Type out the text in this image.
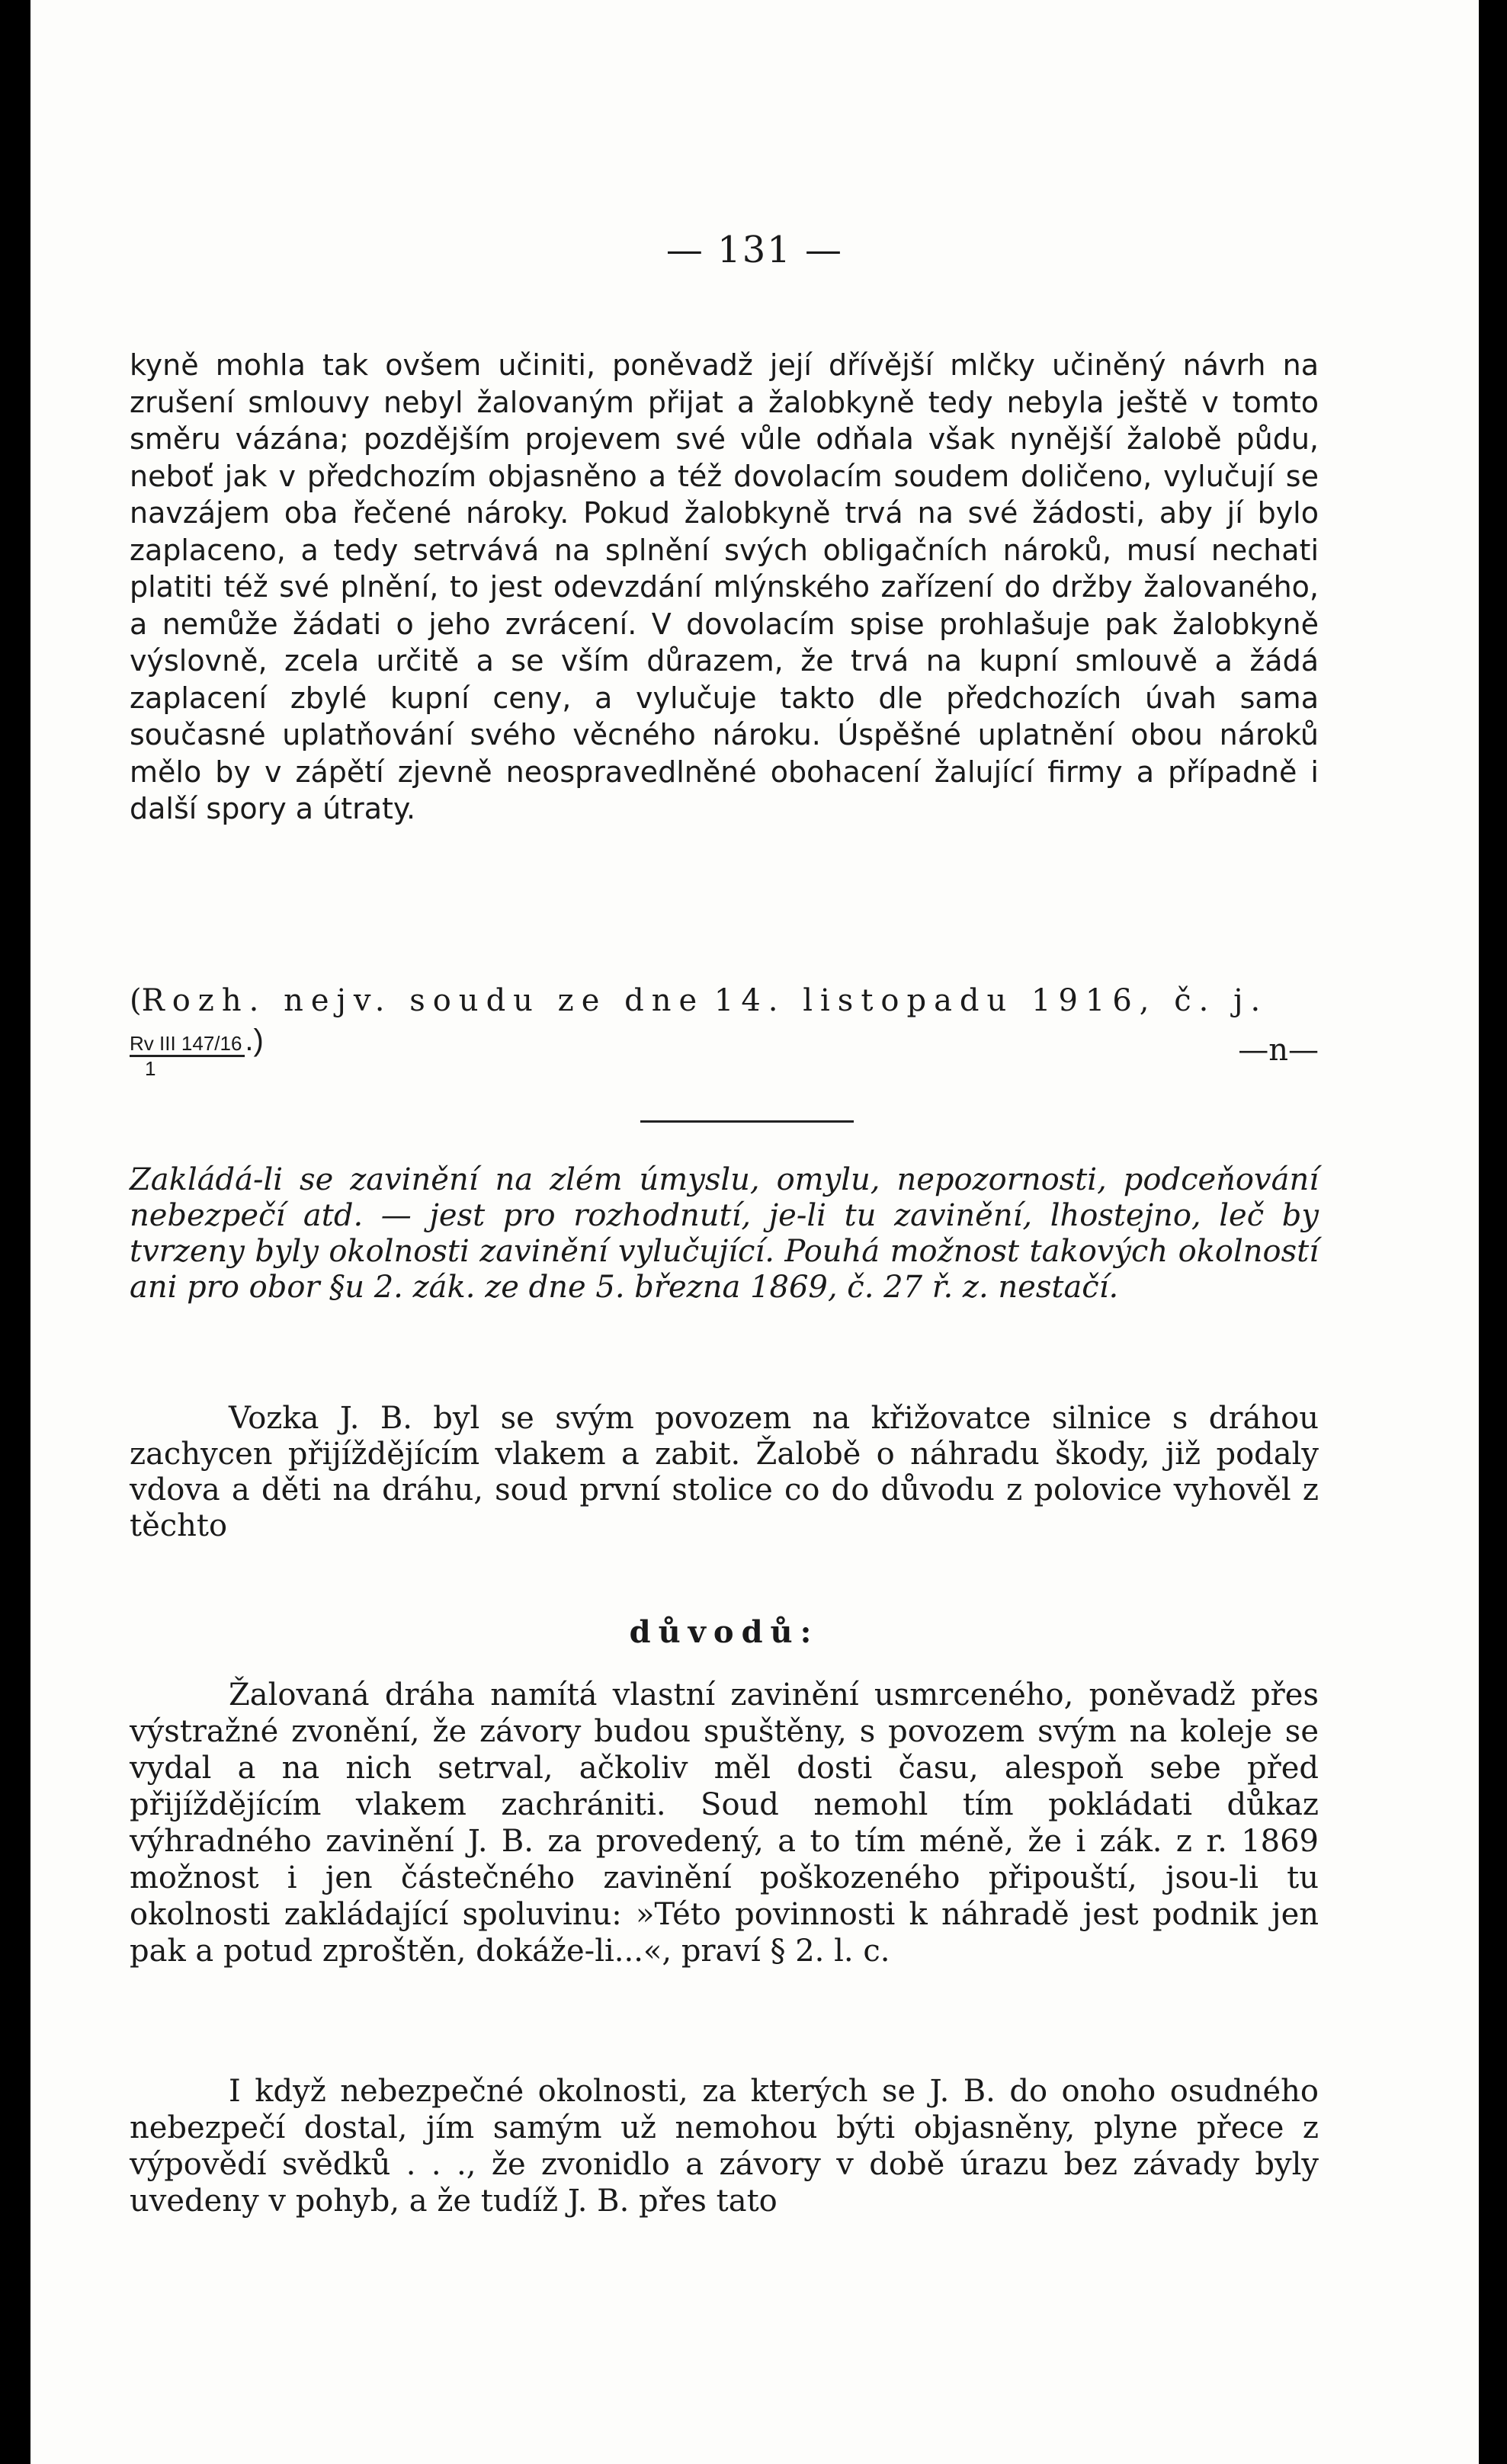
— 131 —
kyně mohla tak ovšem učiniti, poněvadž její dřívější mlčky učiněný návrh na zrušení smlouvy nebyl žalovaným přijat a žalobkyně tedy nebyla ještě v tomto směru vázána; pozdějším projevem své vůle odňala však nynější žalobě půdu, neboť jak v předchozím objasněno a též dovolacím soudem doličeno, vylučují se navzájem oba řečené nároky. Pokud žalobkyně trvá na své žádosti, aby jí bylo zaplaceno, a tedy setrvává na splnění svých obligačních nároků, musí nechati platiti též své plnění, to jest odevzdání mlýnského zařízení do držby žalovaného, a nemůže žádati o jeho zvrácení. V dovolacím spise prohlašuje pak žalobkyně výslovně, zcela určitě a se vším důrazem, že trvá na kupní smlouvě a žádá zaplacení zbylé kupní ceny, a vylučuje takto dle předchozích úvah sama současné uplatňování svého věcného nároku. Úspěšné uplatnění obou nároků mělo by v zápětí zjevně neospravedlněné obohacení žalující firmy a případně i další spory a útraty.
(Rozh. nejv. soudu ze dne 14. listopadu 1916, č. j.
Rv III 147/16 .)
1
—n—
Zakládá-li se zavinění na zlém úmyslu, omylu, nepozornosti, podceňování nebezpečí atd. — jest pro rozhodnutí, je-li tu zavinění, lhostejno, leč by tvrzeny byly okolnosti zavinění vylučující. Pouhá možnost takových okolností ani pro obor §u 2. zák. ze dne 5. března 1869, č. 27 ř. z. nestačí.
Vozka J. B. byl se svým povozem na křižovatce silnice s dráhou zachycen přijíždějícím vlakem a zabit. Žalobě o náhradu škody, již podaly vdova a děti na dráhu, soud první stolice co do důvodu z polovice vyhověl z těchto
důvodů:
Žalovaná dráha namítá vlastní zavinění usmrceného, poněvadž přes výstražné zvonění, že závory budou spuštěny, s povozem svým na koleje se vydal a na nich setrval, ačkoliv měl dosti času, alespoň sebe před přijíždějícím vlakem zachrániti. Soud nemohl tím pokládati důkaz výhradného zavinění J. B. za provedený, a to tím méně, že i zák. z r. 1869 možnost i jen částečného zavinění poškozeného připouští, jsou-li tu okolnosti zakládající spoluvinu: »Této povinnosti k náhradě jest podnik jen pak a potud zproštěn, dokáže-li...«, praví § 2. l. c.
I když nebezpečné okolnosti, za kterých se J. B. do onoho osudného nebezpečí dostal, jím samým už nemohou býti objasněny, plyne přece z výpovědí svědků . . ., že zvonidlo a závory v době úrazu bez závady byly uvedeny v pohyb, a že tudíž J. B. přes tato
